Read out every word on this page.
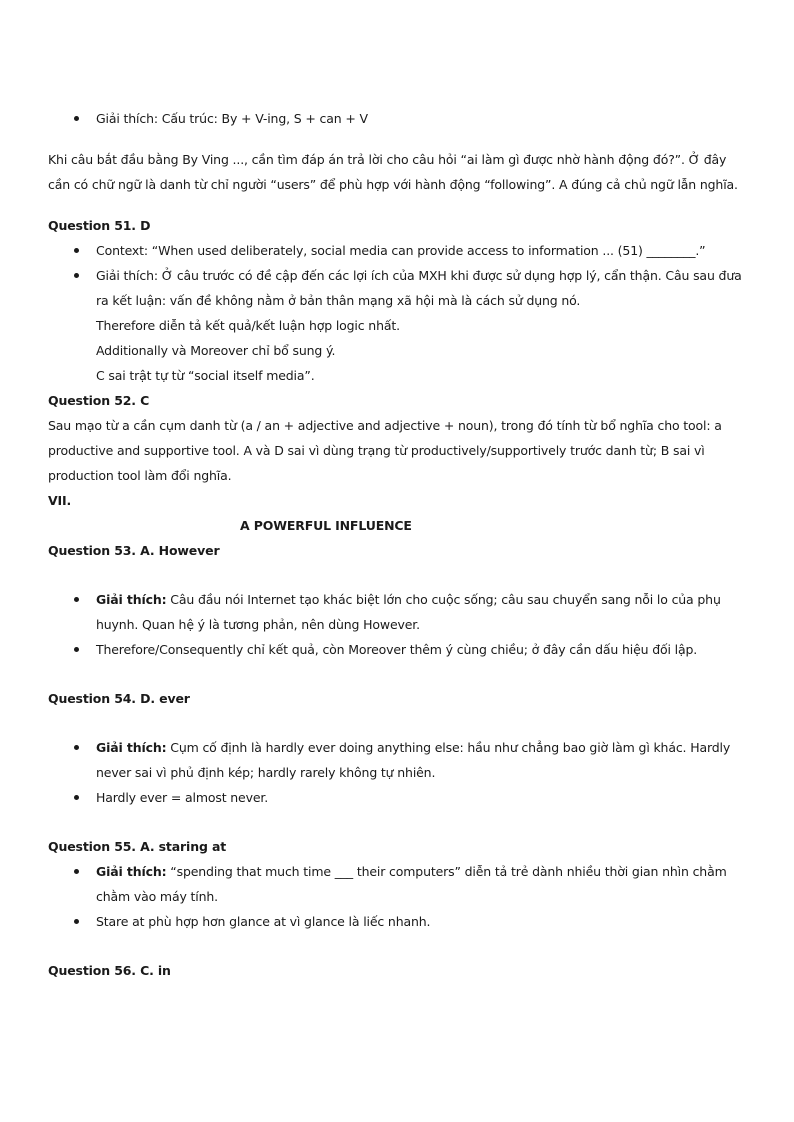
Giải thích: Cấu trúc: By + V-ing, S + can + V

Khi câu bắt đầu bằng By Ving ..., cần tìm đáp án trả lời cho câu hỏi “ai làm gì được nhờ hành động đó?”. Ở đây cần có chữ ngữ là danh từ chỉ người “users” để phù hợp với hành động “following”. A đúng cả chủ ngữ lẫn nghĩa.

Question 51. D
Context: “When used deliberately, social media can provide access to information ... (51) ________.”
Giải thích: Ở câu trước có đề cập đến các lợi ích của MXH khi được sử dụng hợp lý, cẩn thận. Câu sau đưa ra kết luận: vấn đề không nằm ở bản thân mạng xã hội mà là cách sử dụng nó.
Therefore diễn tả kết quả/kết luận hợp logic nhất.
Additionally và Moreover chỉ bổ sung ý.
C sai trật tự từ “social itself media”.
Question 52. C

Sau mạo từ a cần cụm danh từ (a / an + adjective and adjective + noun), trong đó tính từ bổ nghĩa cho tool: a productive and supportive tool. A và D sai vì dùng trạng từ productively/supportively trước danh từ; B sai vì production tool làm đổi nghĩa.

VII.
A POWERFUL INFLUENCE
Question 53. A. However
Giải thích: Câu đầu nói Internet tạo khác biệt lớn cho cuộc sống; câu sau chuyển sang nỗi lo của phụ huynh. Quan hệ ý là tương phản, nên dùng However.
Therefore/Consequently chỉ kết quả, còn Moreover thêm ý cùng chiều; ở đây cần dấu hiệu đối lập.
Question 54. D. ever
Giải thích: Cụm cố định là hardly ever doing anything else: hầu như chẳng bao giờ làm gì khác. Hardly never sai vì phủ định kép; hardly rarely không tự nhiên.
Hardly ever = almost never.
Question 55. A. staring at
Giải thích: “spending that much time ___ their computers” diễn tả trẻ dành nhiều thời gian nhìn chằm chằm vào máy tính.
Stare at phù hợp hơn glance at vì glance là liếc nhanh.
Question 56. C. in
